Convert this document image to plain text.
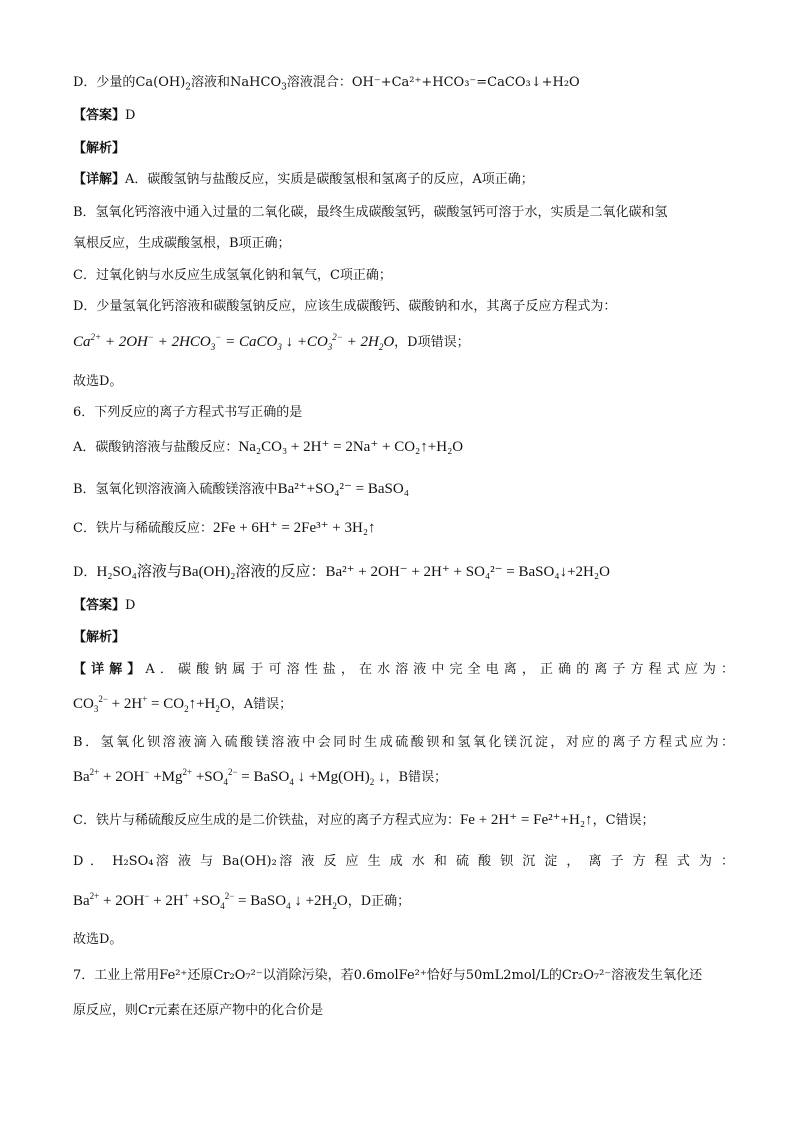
D．少量的$Ca(OH)_2$溶液和NaHCO$_3$溶液混合：OH⁻+Ca²⁺+HCO₃⁻=CaCO₃↓+H₂O
【答案】D
【解析】
【详解】A．碳酸氢钠与盐酸反应，实质是碳酸氢根和氢离子的反应，A项正确；
B．氢氧化钙溶液中通入过量的二氧化碳，最终生成碳酸氢钙，碳酸氢钙可溶于水，实质是二氧化碳和氢
氧根反应，生成碳酸氢根，B项正确；
C．过氧化钠与水反应生成氢氧化钠和氧气，C项正确；
D．少量氢氧化钙溶液和碳酸氢钠反应，应该生成碳酸钙、碳酸钠和水，其离子反应方程式为：
$Ca^{2+} + 2OH^- + 2HCO_3^-$ = CaCO$_3$ ↓ $+CO_3^{2-} + 2H_2O$，D项错误；
故选D。
6．下列反应的离子方程式书写正确的是
A．碳酸钠溶液与盐酸反应：Na₂CO₃ + 2H⁺ = 2Na⁺ + CO₂↑+H₂O
B．氢氧化钡溶液滴入硫酸镁溶液中Ba²⁺+SO₄²⁻ = BaSO₄
C．铁片与稀硫酸反应：2Fe + 6H⁺ = 2Fe³⁺ + 3H₂↑
D．H₂SO₄溶液与Ba(OH)₂溶液的反应：Ba²⁺ + 2OH⁻ + 2H⁺ + SO₄²⁻ = BaSO₄↓+2H₂O
【答案】D
【解析】
【详解】A．碳酸钠属于可溶性盐，在水溶液中完全电离，正确的离子方程式应为：
$CO_3^{2-} + 2H^+$ = $CO_2↑+H_2O$，A错误；
B．氢氧化钡溶液滴入硫酸镁溶液中会同时生成硫酸钡和氢氧化镁沉淀，对应的离子方程式应为：
$Ba^{2+} + 2OH^- +Mg^{2+} +SO_4^{2-}$ = BaSO$_4$ ↓ $+Mg(OH)_2$ ↓，B错误；
C．铁片与稀硫酸反应生成的是二价铁盐，对应的离子方程式应为：Fe + 2H⁺ = Fe²⁺+H₂↑，C错误；
D ． H₂SO₄溶 液 与 Ba(OH)₂溶 液 反 应 生 成 水 和 硫 酸 钡 沉 淀 ， 离 子 方 程 式 为 ：
$Ba^{2+} + 2OH^- + 2H^+ +SO_4^{2-}$ = BaSO$_4$ ↓ $+2H_2O$，D正确；
故选D。
7．工业上常用Fe²⁺还原Cr₂O₇²⁻以消除污染，若0.6molFe²⁺恰好与50mL2mol/L的Cr₂O₇²⁻溶液发生氧化还
原反应，则Cr元素在还原产物中的化合价是
